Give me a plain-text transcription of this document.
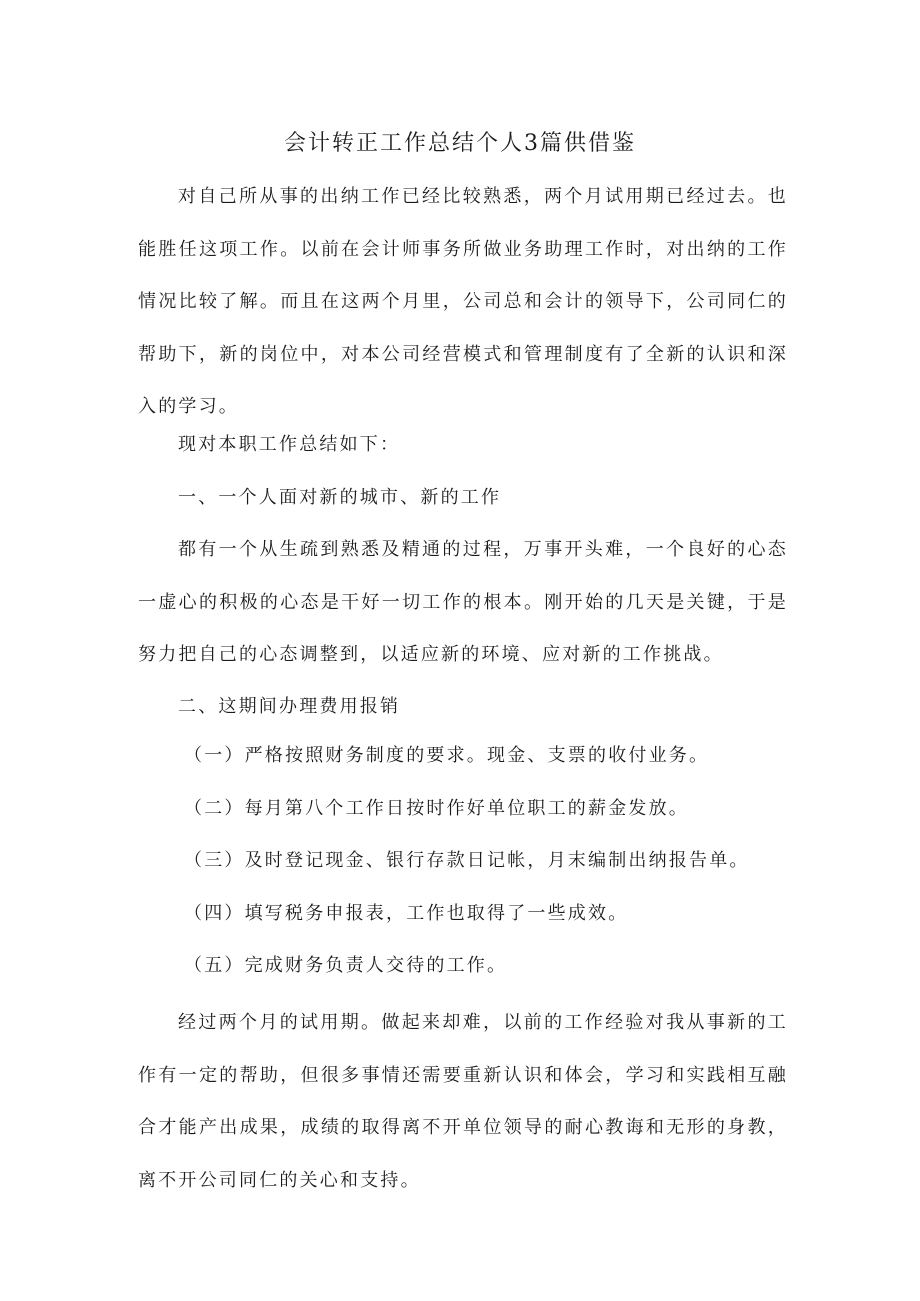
会计转正工作总结个人3篇供借鉴

对自己所从事的出纳工作已经比较熟悉，两个月试用期已经过去。也能胜任这项工作。以前在会计师事务所做业务助理工作时，对出纳的工作情况比较了解。而且在这两个月里，公司总和会计的领导下，公司同仁的帮助下，新的岗位中，对本公司经营模式和管理制度有了全新的认识和深入的学习。

现对本职工作总结如下：

一、一个人面对新的城市、新的工作

都有一个从生疏到熟悉及精通的过程，万事开头难，一个良好的心态一虚心的积极的心态是干好一切工作的根本。刚开始的几天是关键，于是努力把自己的心态调整到，以适应新的环境、应对新的工作挑战。

二、这期间办理费用报销

（一）严格按照财务制度的要求。现金、支票的收付业务。

（二）每月第八个工作日按时作好单位职工的薪金发放。

（三）及时登记现金、银行存款日记帐，月末编制出纳报告单。

（四）填写税务申报表，工作也取得了一些成效。

（五）完成财务负责人交待的工作。

经过两个月的试用期。做起来却难，以前的工作经验对我从事新的工作有一定的帮助，但很多事情还需要重新认识和体会，学习和实践相互融合才能产出成果，成绩的取得离不开单位领导的耐心教诲和无形的身教，离不开公司同仁的关心和支持。
